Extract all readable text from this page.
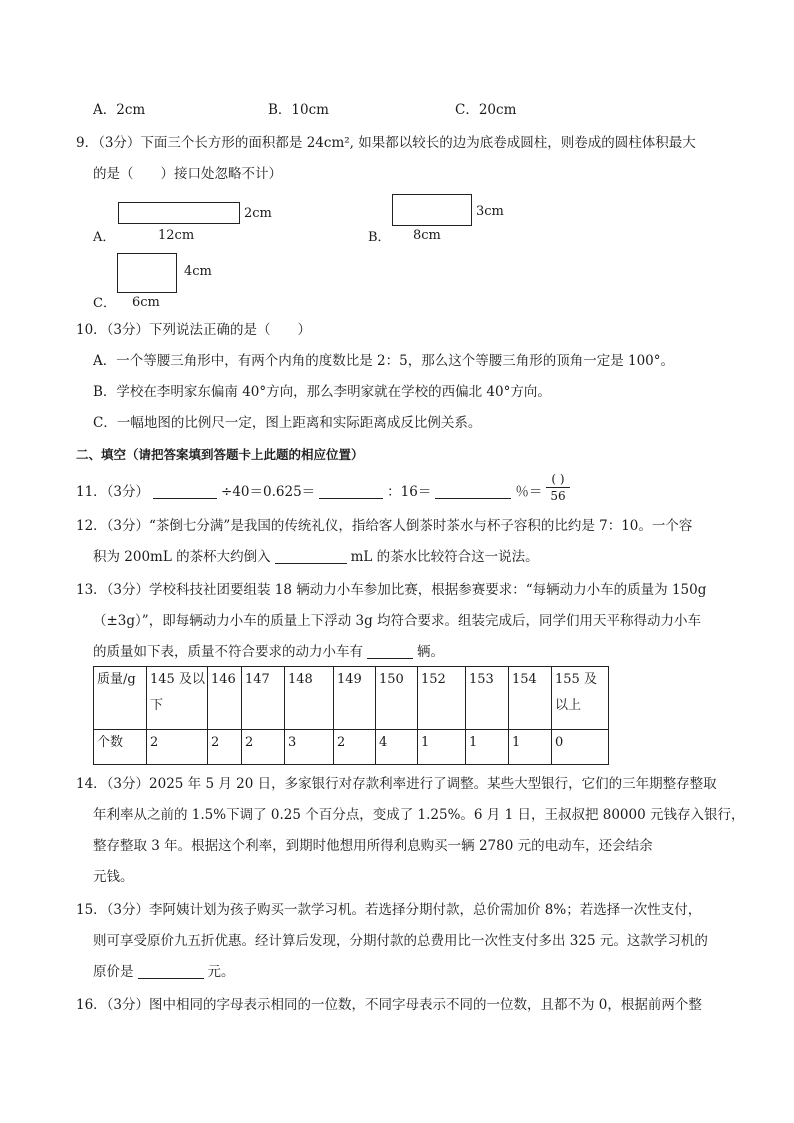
A．2cm	B．10cm	C．20cm
9．（3分）下面三个长方形的面积都是 24cm², 如果都以较长的边为底卷成圆柱，则卷成的圆柱体积最大
的是（　　）接口处忽略不计）
A．
2cm
12cm	B．
3cm
8cm
C．
4cm
6cm
10．（3分）下列说法正确的是（　　）
A．一个等腰三角形中，有两个内角的度数比是 2：5，那么这个等腰三角形的顶角一定是 100°。
B．学校在李明家东偏南 40°方向，那么李明家就在学校的西偏北 40°方向。
C．一幅地图的比例尺一定，图上距离和实际距离成反比例关系。
二、填空（请把答案填到答题卡上此题的相应位置）
11．（3分）	÷40＝0.625＝	：16＝	％＝
( )
56
12．（3分）“茶倒七分满”是我国的传统礼仪，指给客人倒茶时茶水与杯子容积的比约是 7：10。一个容
积为 200mL 的茶杯大约倒入	mL 的茶水比较符合这一说法。
13．（3分）学校科技社团要组装 18 辆动力小车参加比赛，根据参赛要求：“每辆动力小车的质量为 150g
（±3g）”，即每辆动力小车的质量上下浮动 3g 均符合要求。组装完成后，同学们用天平称得动力小车
的质量如下表，质量不符合要求的动力小车有	辆。
质量/g	145 及以下	146	147	148	149	150	152	153	154	155 及以上

个数	2	2	2	3	2	4	1	1	1	0
14．（3分）2025 年 5 月 20 日，多家银行对存款利率进行了调整。某些大型银行，它们的三年期整存整取
年利率从之前的 1.5%下调了 0.25 个百分点，变成了 1.25%。6 月 1 日，王叔叔把 80000 元钱存入银行，
整存整取 3 年。根据这个利率，到期时他想用所得利息购买一辆 2780 元的电动车，还会结余
元钱。
15．（3分）李阿姨计划为孩子购买一款学习机。若选择分期付款，总价需加价 8%；若选择一次性支付，
则可享受原价九五折优惠。经计算后发现，分期付款的总费用比一次性支付多出 325 元。这款学习机的
原价是	元。
16．（3分）图中相同的字母表示相同的一位数，不同字母表示不同的一位数，且都不为 0，根据前两个整
